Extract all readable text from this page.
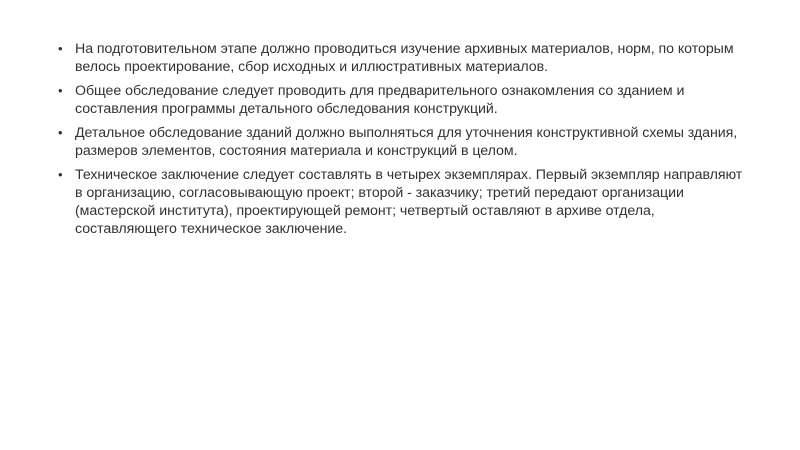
• На подготовительном этапе должно проводиться изучение архивных материалов, норм, по которым велось проектирование, сбор исходных и иллюстративных материалов.
• Общее обследование следует проводить для предварительного ознакомления со зданием и составления программы детального обследования конструкций.
• Детальное обследование зданий должно выполняться для уточнения конструктивной схемы здания, размеров элементов, состояния материала и конструкций в целом.
• Техническое заключение следует составлять в четырех экземплярах. Первый экземпляр направляют в организацию, согласовывающую проект; второй - заказчику; третий передают организации (мастерской института), проектирующей ремонт; четвертый оставляют в архиве отдела, составляющего техническое заключение.
